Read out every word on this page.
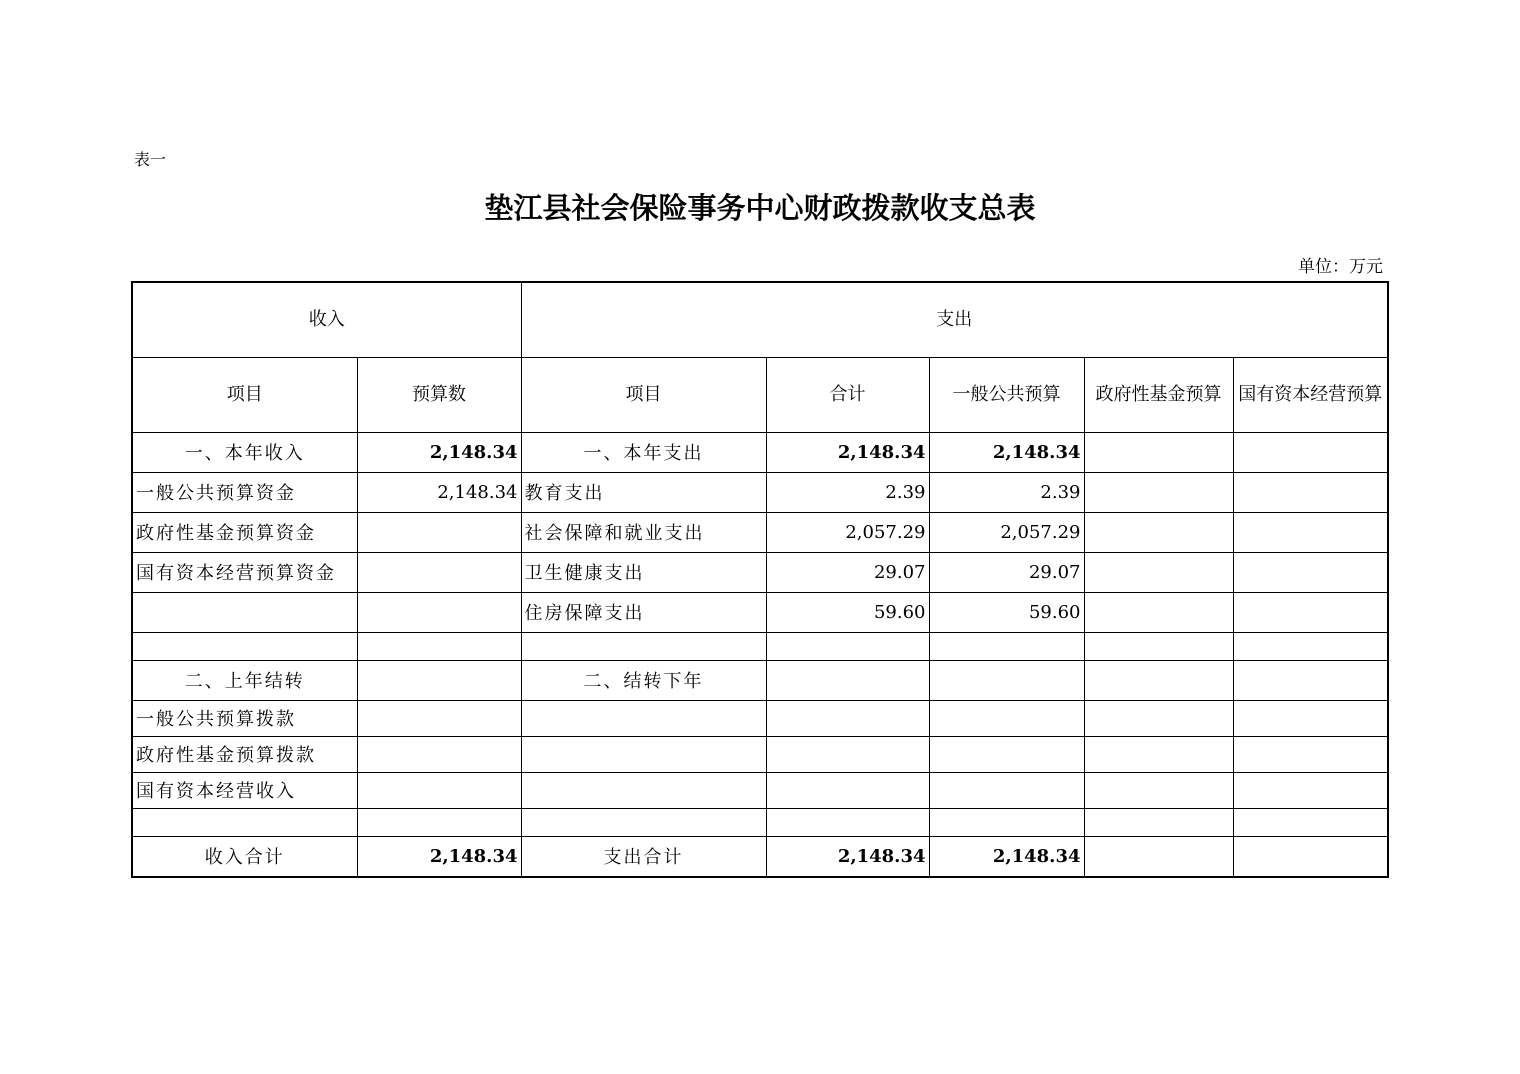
表一
垫江县社会保险事务中心财政拨款收支总表
单位：万元
收入		支出				
项目	预算数	项目	合计	一般公共预算	政府性基金预算	国有资本经营预算
一、本年收入	2,148.34	一、本年支出	2,148.34	2,148.34		
一般公共预算资金	2,148.34	教育支出	2.39	2.39		
政府性基金预算资金		社会保障和就业支出	2,057.29	2,057.29		
国有资本经营预算资金		卫生健康支出	29.07	29.07		
		住房保障支出	59.60	59.60		

二、上年结转		二、结转下年				
一般公共预算拨款						
政府性基金预算拨款						
国有资本经营收入						

收入合计	2,148.34	支出合计	2,148.34	2,148.34		
